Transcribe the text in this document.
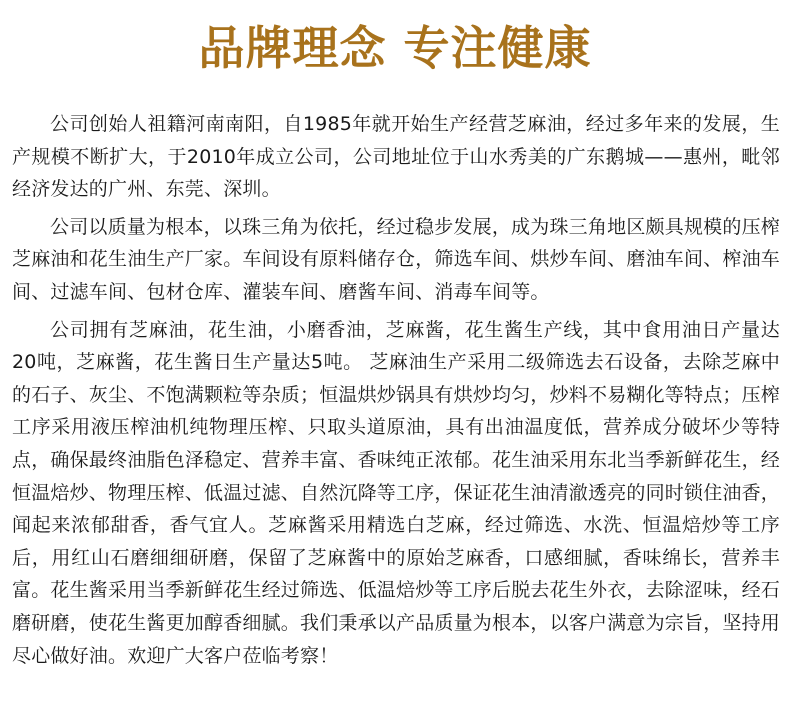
品牌理念 专注健康

公司创始人祖籍河南南阳，自1985年就开始生产经营芝麻油，经过多年来的发展，生产规模不断扩大，于2010年成立公司，公司地址位于山水秀美的广东鹅城——惠州，毗邻经济发达的广州、东莞、深圳。

公司以质量为根本，以珠三角为依托，经过稳步发展，成为珠三角地区颇具规模的压榨芝麻油和花生油生产厂家。车间设有原料储存仓，筛选车间、烘炒车间、磨油车间、榨油车间、过滤车间、包材仓库、灌装车间、磨酱车间、消毒车间等。

公司拥有芝麻油，花生油，小磨香油，芝麻酱，花生酱生产线，其中食用油日产量达20吨，芝麻酱，花生酱日生产量达5吨。 芝麻油生产采用二级筛选去石设备，去除芝麻中的石子、灰尘、不饱满颗粒等杂质；恒温烘炒锅具有烘炒均匀，炒料不易糊化等特点；压榨工序采用液压榨油机纯物理压榨、只取头道原油，具有出油温度低，营养成分破坏少等特点，确保最终油脂色泽稳定、营养丰富、香味纯正浓郁。花生油采用东北当季新鲜花生，经恒温焙炒、物理压榨、低温过滤、自然沉降等工序，保证花生油清澈透亮的同时锁住油香，闻起来浓郁甜香，香气宜人。芝麻酱采用精选白芝麻，经过筛选、水洗、恒温焙炒等工序后，用红山石磨细细研磨，保留了芝麻酱中的原始芝麻香，口感细腻，香味绵长，营养丰富。花生酱采用当季新鲜花生经过筛选、低温焙炒等工序后脱去花生外衣，去除涩味，经石磨研磨，使花生酱更加醇香细腻。我们秉承以产品质量为根本，以客户满意为宗旨，坚持用尽心做好油。欢迎广大客户莅临考察！
